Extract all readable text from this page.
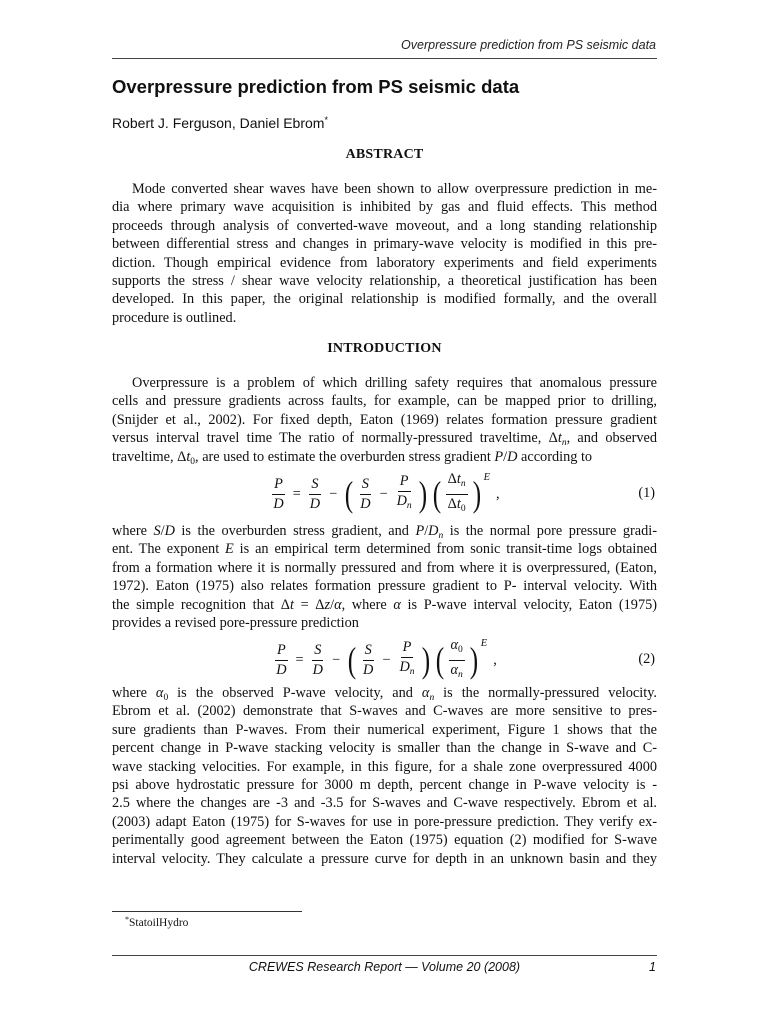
Overpressure prediction from PS seismic data
Overpressure prediction from PS seismic data
Robert J. Ferguson, Daniel Ebrom*
ABSTRACT
Mode converted shear waves have been shown to allow overpressure prediction in me-
dia where primary wave acquisition is inhibited by gas and fluid effects. This method
proceeds through analysis of converted-wave moveout, and a long standing relationship
between differential stress and changes in primary-wave velocity is modified in this pre-
diction. Though empirical evidence from laboratory experiments and field experiments
supports the stress / shear wave velocity relationship, a theoretical justification has been
developed. In this paper, the original relationship is modified formally, and the overall
procedure is outlined.
INTRODUCTION
Overpressure is a problem of which drilling safety requires that anomalous pressure
cells and pressure gradients across faults, for example, can be mapped prior to drilling,
(Snijder et al., 2002). For fixed depth, Eaton (1969) relates formation pressure gradient
versus interval travel time The ratio of normally-pressured traveltime, $\Delta t_n$, and observed
traveltime, $\Delta t_0$, are used to estimate the overburden stress gradient P/D according to
$\frac{P}{D} = \frac{S}{D}$ − ( $\frac{S}{D} - \frac{P}{D_n}$ ) ( $\frac{\Delta t_n}{\Delta t_0}$ ) E
,	(1)
where S/D is the overburden stress gradient, and $P/D_n$ is the normal pore pressure gradi-
ent. The exponent E is an empirical term determined from sonic transit-time logs obtained
from a formation where it is normally pressured and from where it is overpressured, (Eaton,
1972). Eaton (1975) also relates formation pressure gradient to P- interval velocity. With
the simple recognition that Δt = Δz/α, where α is P-wave interval velocity, Eaton (1975)
provides a revised pore-pressure prediction
$\frac{P}{D} = \frac{S}{D}$ − ( $\frac{S}{D} - \frac{P}{D_n}$ ) ( $\frac{\alpha_0}{\alpha_n}$ ) E
,	(2)
where $\alpha_0$ is the observed P-wave velocity, and $\alpha_n$ is the normally-pressured velocity.
Ebrom et al. (2002) demonstrate that S-waves and C-waves are more sensitive to pres-
sure gradients than P-waves. From their numerical experiment, Figure 1 shows that the
percent change in P-wave stacking velocity is smaller than the change in S-wave and C-
wave stacking velocities. For example, in this figure, for a shale zone overpressured 4000
psi above hydrostatic pressure for 3000 m depth, percent change in P-wave velocity is -
2.5 where the changes are -3 and -3.5 for S-waves and C-wave respectively. Ebrom et al.
(2003) adapt Eaton (1975) for S-waves for use in pore-pressure prediction. They verify ex-
perimentally good agreement between the Eaton (1975) equation (2) modified for S-wave
interval velocity. They calculate a pressure curve for depth in an unknown basin and they
*StatoilHydro
CREWES Research Report — Volume 20 (2008)	1
